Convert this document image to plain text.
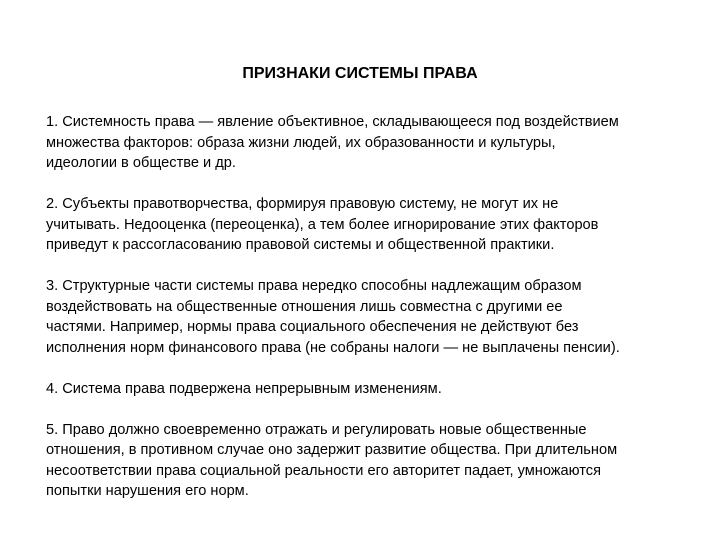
ПРИЗНАКИ СИСТЕМЫ ПРАВА

1. Системность права — явление объективное, складывающееся под воздействием
множества факторов: образа жизни людей, их образованности и культуры,
идеологии в обществе и др.

2. Субъекты правотворчества, формируя правовую систему, не могут их не
учитывать. Недооценка (переоценка), а тем более игнорирование этих факторов
приведут к рассогласованию правовой системы и общественной практики.

3. Структурные части системы права нередко способны надлежащим образом
воздействовать на общественные отношения лишь совместна с другими ее
частями. Например, нормы права социального обеспечения не действуют без
исполнения норм финансового права (не собраны налоги — не выплачены пенсии).

4. Система права подвержена непрерывным изменениям.

5. Право должно своевременно отражать и регулировать новые общественные
отношения, в противном случае оно задержит развитие общества. При длительном
несоответствии права социальной реальности его авторитет падает, умножаются
попытки нарушения его норм.
